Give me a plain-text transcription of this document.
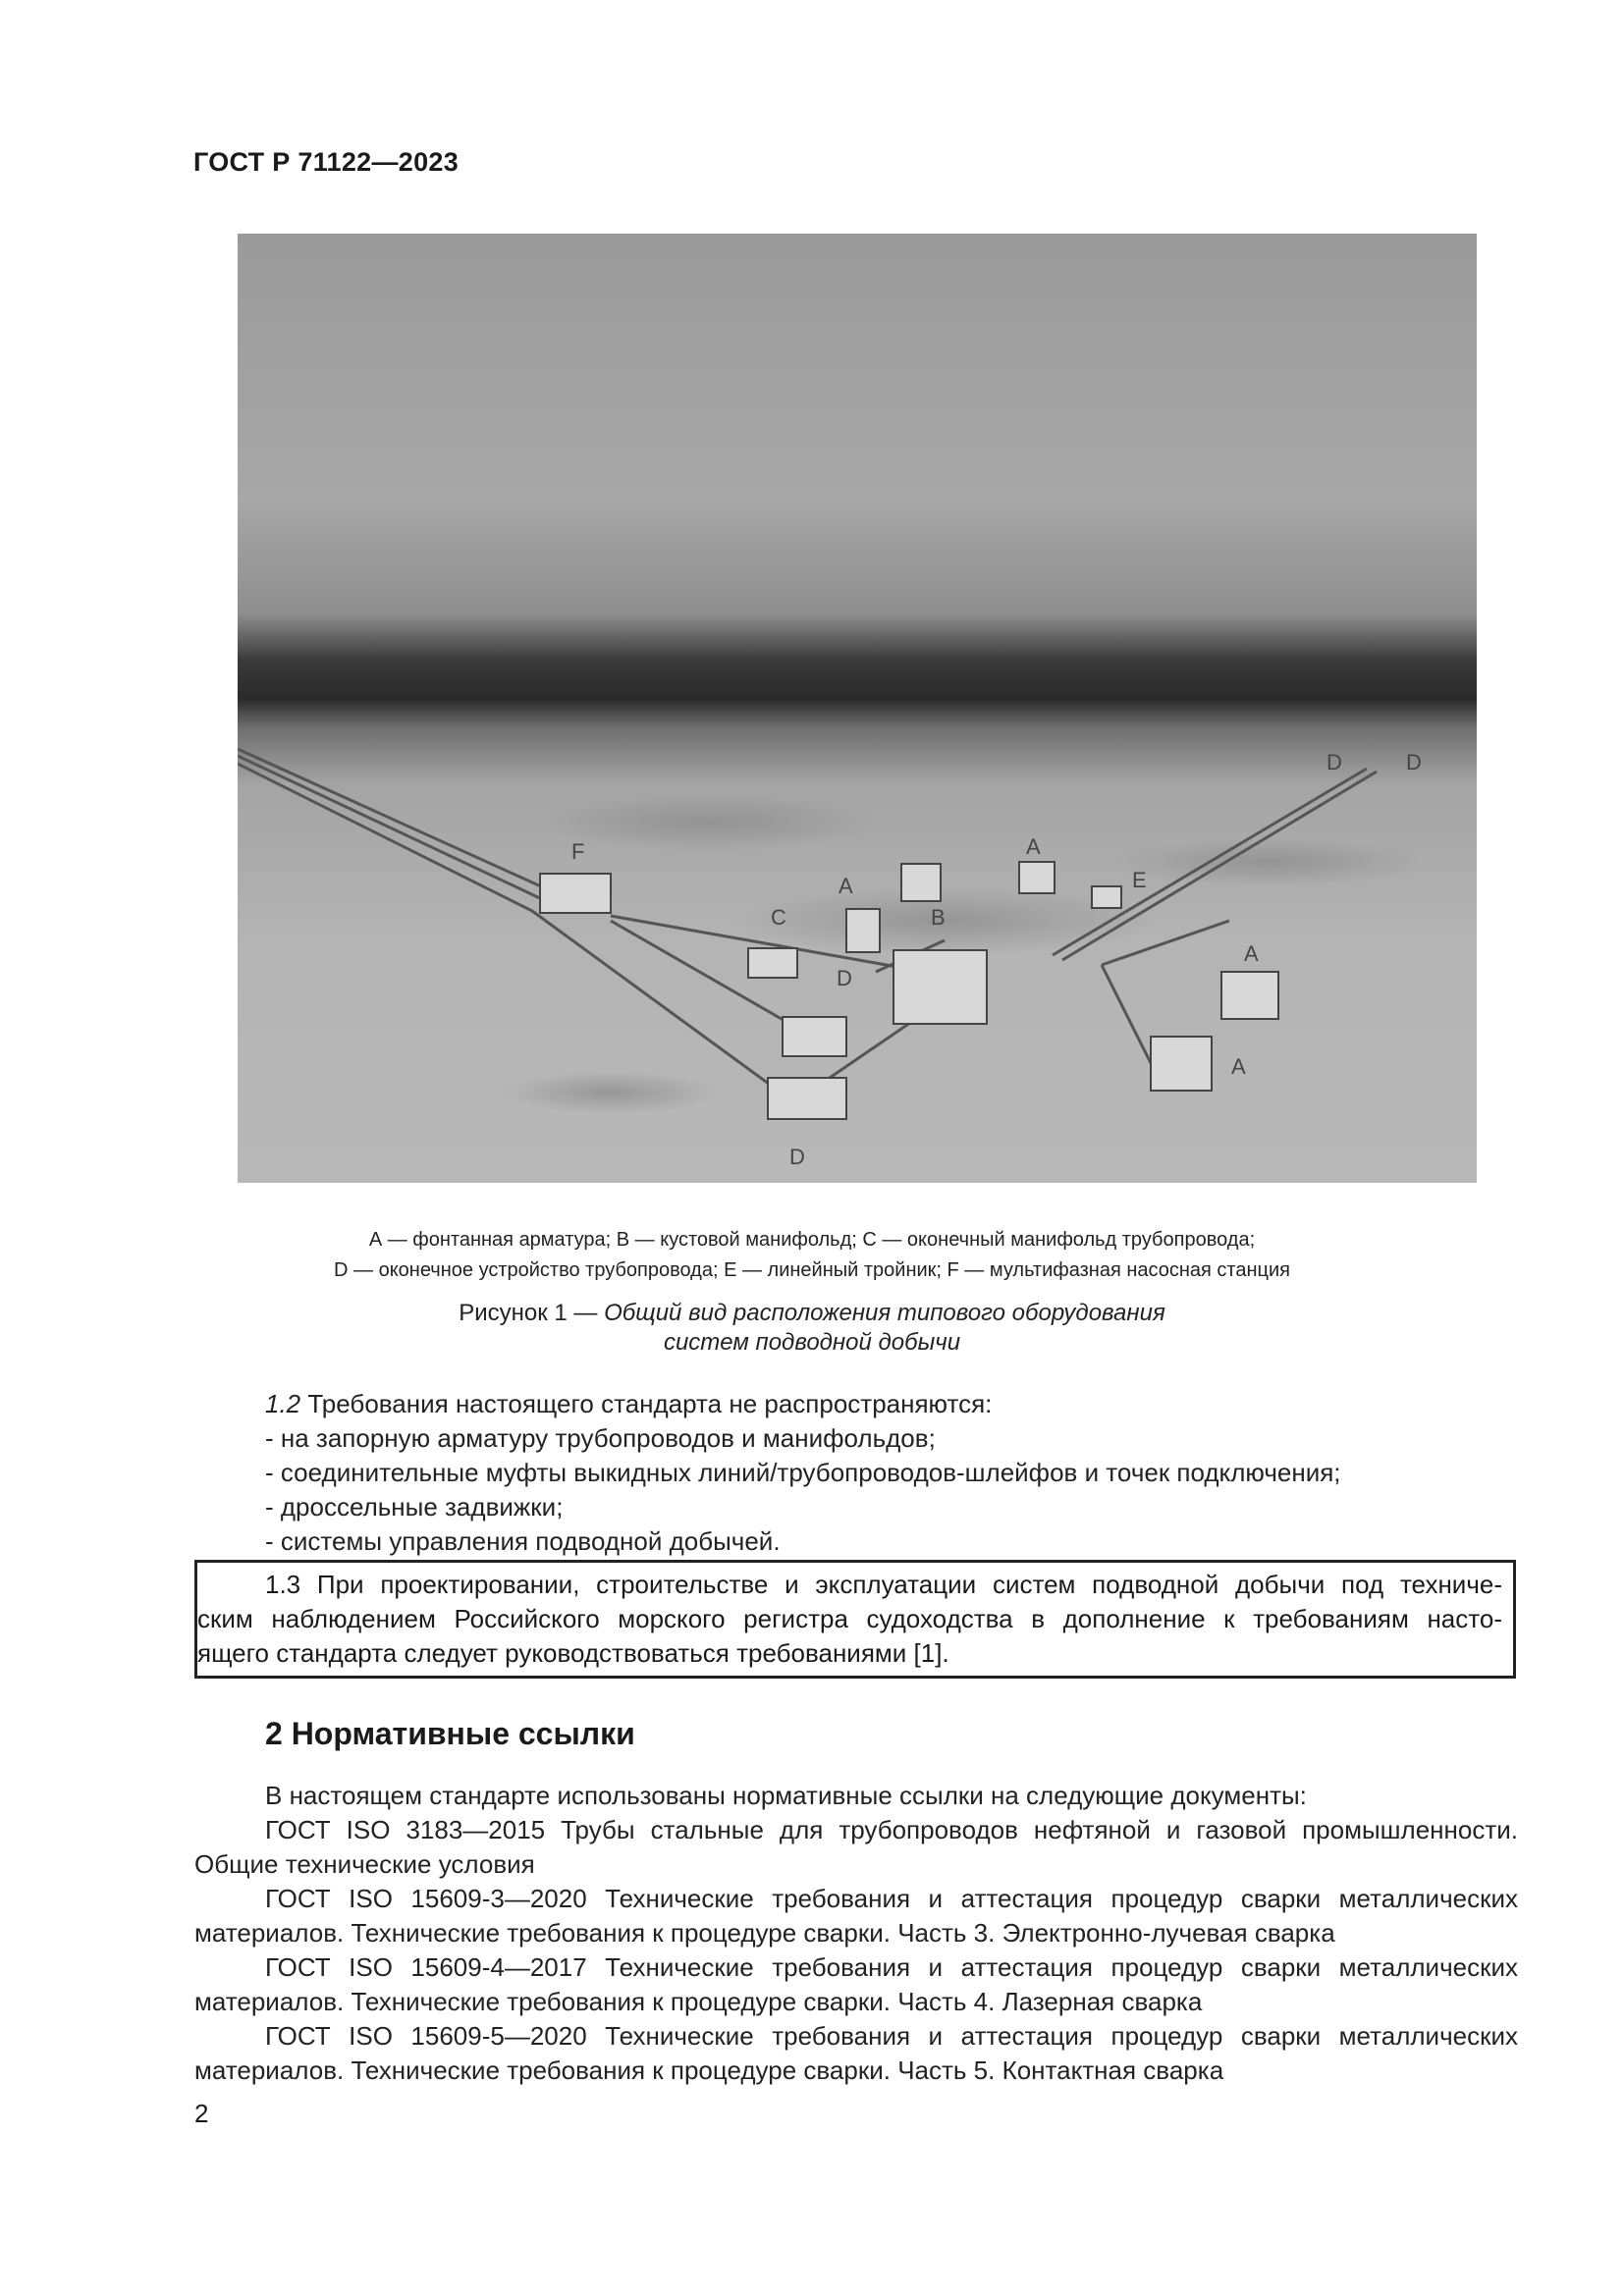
ГОСТ Р 71122—2023
F	A
D	D
A	E
C	B
D
A
A
D
А — фонтанная арматура; В — кустовой манифольд; С — оконечный манифольд трубопровода;
D — оконечное устройство трубопровода; Е — линейный тройник; F — мультифазная насосная станция
Рисунок 1 — Общий вид расположения типового оборудования
систем подводной добычи
1.2 Требования настоящего стандарта не распространяются:
- на запорную арматуру трубопроводов и манифольдов;
- соединительные муфты выкидных линий/трубопроводов-шлейфов и точек подключения;
- дроссельные задвижки;
- системы управления подводной добычей.
1.3 При проектировании, строительстве и эксплуатации систем подводной добычи под техниче-
ским наблюдением Российского морского регистра судоходства в дополнение к требованиям насто-
ящего стандарта следует руководствоваться требованиями [1].
2 Нормативные ссылки
В настоящем стандарте использованы нормативные ссылки на следующие документы:
ГОСТ ISO 3183—2015 Трубы стальные для трубопроводов нефтяной и газовой промышленности.
Общие технические условия
ГОСТ ISO 15609-3—2020 Технические требования и аттестация процедур сварки металлических
материалов. Технические требования к процедуре сварки. Часть 3. Электронно-лучевая сварка
ГОСТ ISO 15609-4—2017 Технические требования и аттестация процедур сварки металлических
материалов. Технические требования к процедуре сварки. Часть 4. Лазерная сварка
ГОСТ ISO 15609-5—2020 Технические требования и аттестация процедур сварки металлических
материалов. Технические требования к процедуре сварки. Часть 5. Контактная сварка
2
